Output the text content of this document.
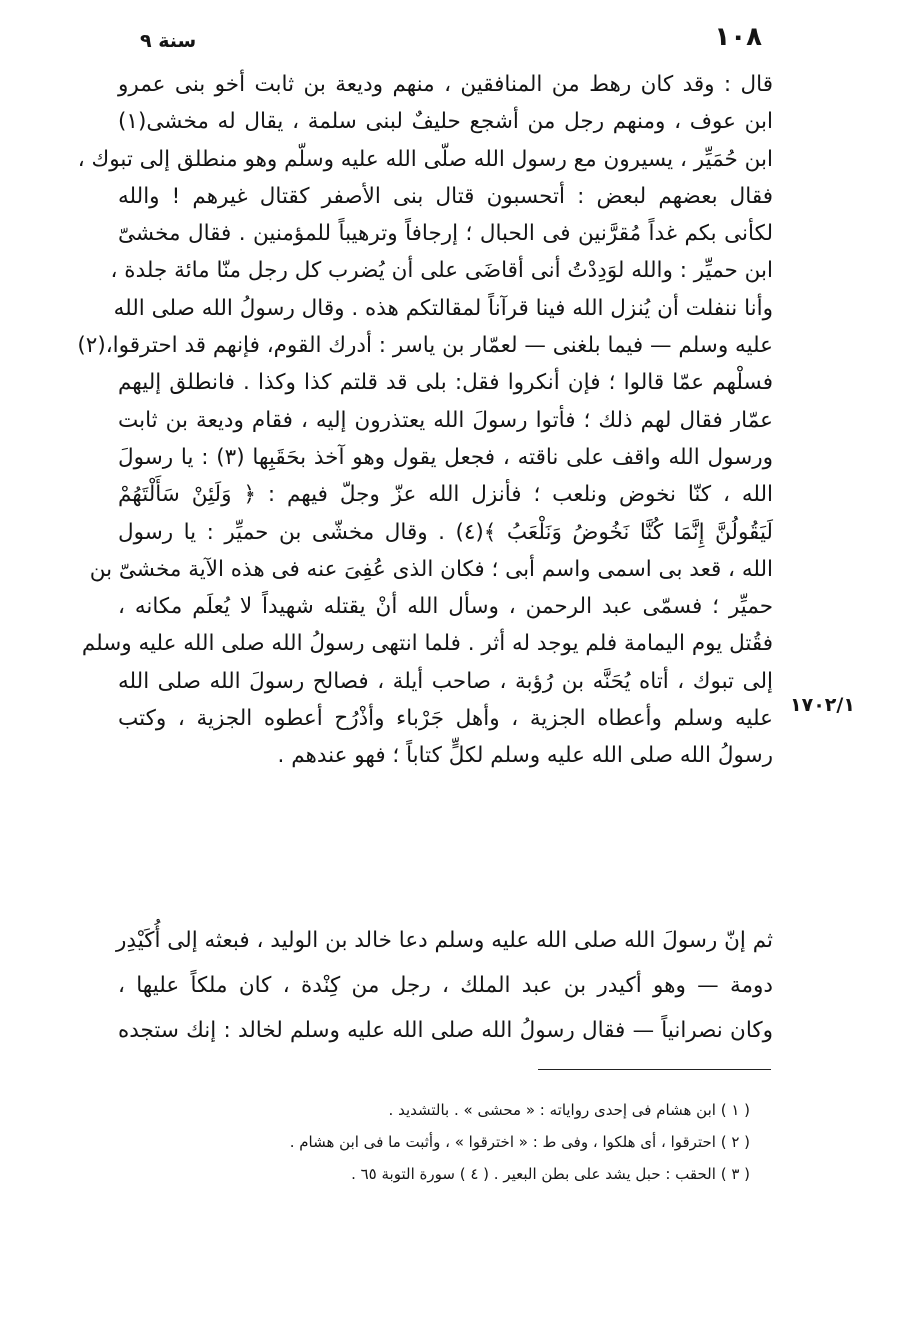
سنة ٩	١٠٨
قال : وقد كان رهط من المنافقين ، منهم وديعة بن ثابت أخو بنى عمرو
ابن عوف ، ومنهم رجل من أشجع حليفٌ لبنى سلمة ، يقال له مخشى(١)
ابن حُمَيِّر ، يسيرون مع رسول الله صلّى الله عليه وسلّم وهو منطلق إلى تبوك ،
فقال بعضهم لبعض : أتحسبون قتال بنى الأصفر كقتال غيرهم ! والله
لكأنى بكم غداً مُقرَّنين فى الحبال ؛ إرجافاً وترهيباً للمؤمنين . فقال مخشىّ
ابن حميِّر : والله لوَدِدْتُ أنى أقاضَى على أن يُضرب كل رجل منّا مائة جلدة ،
وأنا ننفلت أن يُنزل الله فينا قرآناً لمقالتكم هذه . وقال رسولُ الله صلى الله
عليه وسلم — فيما بلغنى — لعمّار بن ياسر : أدرك القوم، فإنهم قد احترقوا،(٢)
فسلْهم عمّا قالوا ؛ فإن أنكروا فقل: بلى قد قلتم كذا وكذا . فانطلق إليهم
عمّار فقال لهم ذلك ؛ فأتوا رسولَ الله يعتذرون إليه ، فقام وديعة بن ثابت
ورسول الله واقف على ناقته ، فجعل يقول وهو آخذ بحَقَبِها (٣) : يا رسولَ
الله ، كنّا نخوض ونلعب ؛ فأنزل الله عزّ وجلّ فيهم : ﴿ وَلَئِنْ سَأَلْتَهُمْ
لَيَقُولُنَّ إِنَّمَا كُنَّا نَخُوضُ وَنَلْعَبُ ﴾(٤) . وقال مخشّى بن حميِّر : يا رسول
الله ، قعد بى اسمى واسم أبى ؛ فكان الذى عُفِىَ عنه فى هذه الآية مخشىّ بن
حميِّر ؛ فسمّى عبد الرحمن ، وسأل الله أنْ يقتله شهيداً لا يُعلَم مكانه ،
فقُتل يوم اليمامة فلم يوجد له أثر . فلما انتهى رسولُ الله صلى الله عليه وسلم
إلى تبوك ، أتاه يُحَنَّه بن رُؤبة ، صاحب أيلة ، فصالح رسولَ الله صلى الله
عليه وسلم وأعطاه الجزية ، وأهل جَرْباء وأذْرُح أعطوه الجزية ، وكتب
رسولُ الله صلى الله عليه وسلم لكلٍّ كتاباً ؛ فهو عندهم .
١٧٠٢/١
ثم إنّ رسولَ الله صلى الله عليه وسلم دعا خالد بن الوليد ، فبعثه إلى أُكَيْدِر
دومة — وهو أكيدر بن عبد الملك ، رجل من كِنْدة ، كان ملكاً عليها ،
وكان نصرانياً — فقال رسولُ الله صلى الله عليه وسلم لخالد : إنك ستجده
( ١ ) ابن هشام فى إحدى رواياته : « محشى » . بالتشديد .
( ٢ ) احترقوا ، أى هلكوا ، وفى ط : « اخترقوا » ، وأثبت ما فى ابن هشام .
( ٣ ) الحقب : حبل يشد على بطن البعير . ( ٤ ) سورة التوبة ٦٥ .
